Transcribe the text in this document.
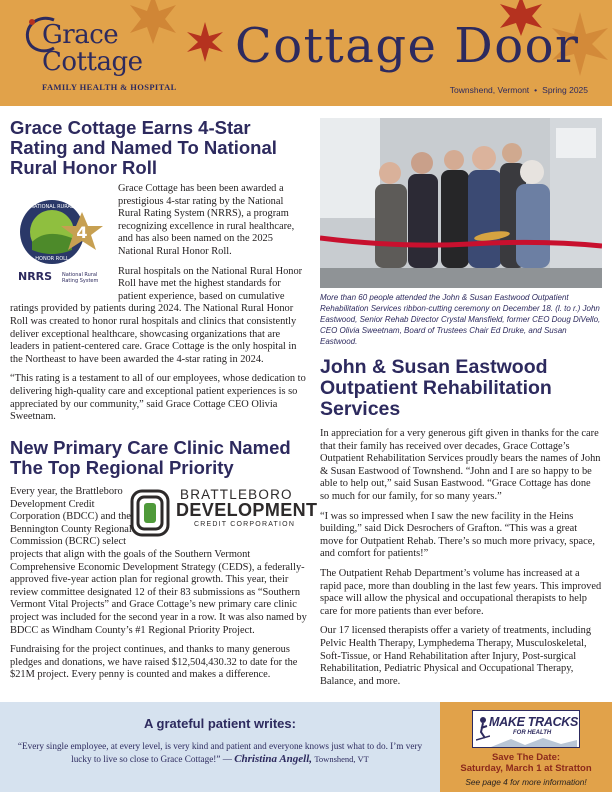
Grace
Cottage
FAMILY HEALTH & HOSPITAL
Cottage Door
Townshend, Vermont • Spring 2025
Grace Cottage Earns 4-Star Rating and Named To National Rural Honor Roll
4
NATIONAL RURAL
HONOR ROLL
NRRS National Rural
Rating System

Grace Cottage has been been awarded a prestigious 4-star rating by the National Rural Rating System (NRRS), a program recognizing excellence in rural healthcare, and has also been named on the 2025 National Rural Honor Roll.

Rural hospitals on the National Rural Honor Roll have met the highest standards for patient experience, based on cumulative ratings provided by patients during 2024. The National Rural Honor Roll was created to honor rural hospitals and clinics that consistently deliver exceptional healthcare, showcasing organizations that are leaders in patient-centered care. Grace Cottage is the only hospital in the Northeast to have been awarded the 4-star rating in 2024.

“This rating is a testament to all of our employees, whose dedication to delivering high-quality care and exceptional patient experiences is so appreciated by our community,” said Grace Cottage CEO Olivia Sweetnam.

New Primary Care Clinic Named The Top Regional Priority
BRATTLEBORO
DEVELOPMENT
CREDIT CORPORATION

Every year, the Brattleboro Development Credit Corporation (BDCC) and the Bennington County Regional Commission (BCRC) select projects that align with the goals of the Southern Vermont Comprehensive Economic Development Strategy (CEDS), a federally-approved five-year action plan for regional growth. This year, their review committee designated 12 of their 83 submissions as “Southern Vermont Vital Projects” and Grace Cottage’s new primary care clinic project was included for the second year in a row. It was also named by BDCC as Windham County’s #1 Regional Priority Project.

Fundraising for the project continues, and thanks to many generous pledges and donations, we have raised $12,504,430.32 to date for the $21M project. Every penny is counted and makes a difference.

More than 60 people attended the John & Susan Eastwood Outpatient Rehabilitation Services ribbon-cutting ceremony on December 18. (l. to r.) John Eastwood, Senior Rehab Director Crystal Mansfield, former CEO Doug DiVello, CEO Olivia Sweetnam, Board of Trustees Chair Ed Druke, and Susan Eastwood.
John & Susan Eastwood Outpatient Rehabilitation Services

In appreciation for a very generous gift given in thanks for the care that their family has received over decades, Grace Cottage’s Outpatient Rehabilitation Services proudly bears the names of John & Susan Eastwood of Townshend. “John and I are so happy to be able to help out,” said Susan Eastwood. “Grace Cottage has done so much for our family, for so many years.”

“I was so impressed when I saw the new facility in the Heins building,” said Dick Desrochers of Grafton. “This was a great move for Outpatient Rehab. There’s so much more privacy, space, and comfort for patients!”

The Outpatient Rehab Department’s volume has increased at a rapid pace, more than doubling in the last few years. This improved space will allow the physical and occupational therapists to help care for more patients than ever before.

Our 17 licensed therapists offer a variety of treatments, including Pelvic Health Therapy, Lymphedema Therapy, Musculoskeletal, Soft-Tissue, or Hand Rehabilitation after Injury, Post-surgical Rehabilitation, Pediatric Physical and Occupational Therapy, Balance, and more.

A grateful patient writes:
“Every single employee, at every level, is very kind and patient and everyone knows just what to do. I’m very lucky to live so close to Grace Cottage!” — Christina Angell, Townshend, VT
MAKE TRACKS
FOR HEALTH
Save The Date:
Saturday, March 1 at Stratton
See page 4 for more information!
